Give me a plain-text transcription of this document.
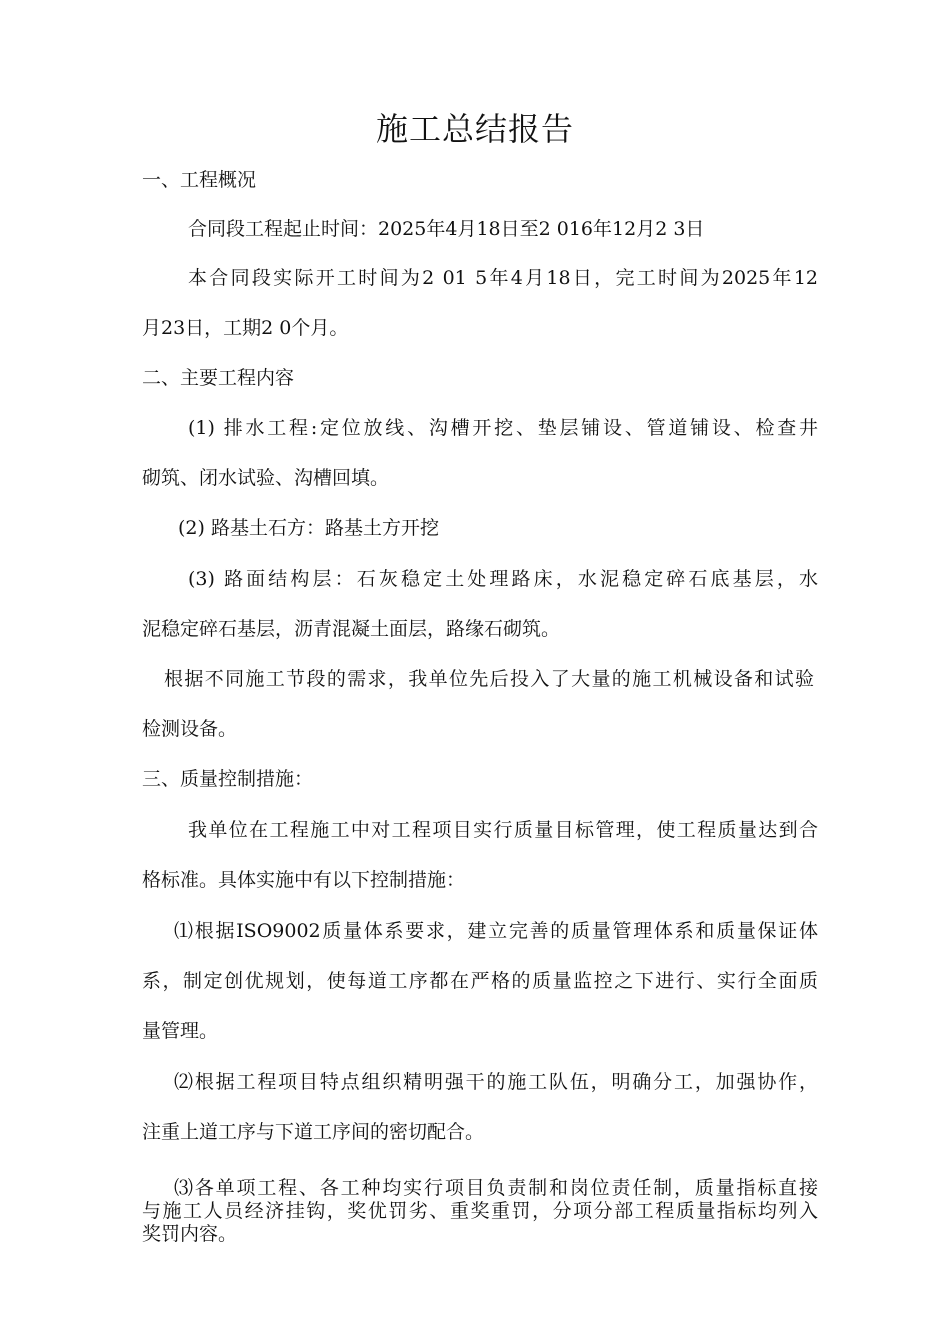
施工总结报告
一、工程概况
合同段工程起止时间：2025年4月18日至2 016年12月2 3日
本合同段实际开工时间为2 01 5年4月18日，完工时间为2025年12
月23日，工期2 0个月。
二、主要工程内容
(1) 排水工程:定位放线、沟槽开挖、垫层铺设、管道铺设、检查井
砌筑、闭水试验、沟槽回填。
(2) 路基土石方：路基土方开挖
(3) 路面结构层：石灰稳定土处理路床，水泥稳定碎石底基层，水
泥稳定碎石基层，沥青混凝土面层，路缘石砌筑。
根据不同施工节段的需求，我单位先后投入了大量的施工机械设备和试验
检测设备。
三、质量控制措施：
我单位在工程施工中对工程项目实行质量目标管理，使工程质量达到合
格标准。具体实施中有以下控制措施：
⑴根据ISO9002质量体系要求，建立完善的质量管理体系和质量保证体
系，制定创优规划，使每道工序都在严格的质量监控之下进行、实行全面质
量管理。
⑵根据工程项目特点组织精明强干的施工队伍，明确分工，加强协作，
注重上道工序与下道工序间的密切配合。
⑶各单项工程、各工种均实行项目负责制和岗位责任制，质量指标直接
与施工人员经济挂钩，奖优罚劣、重奖重罚，分项分部工程质量指标均列入
奖罚内容。
